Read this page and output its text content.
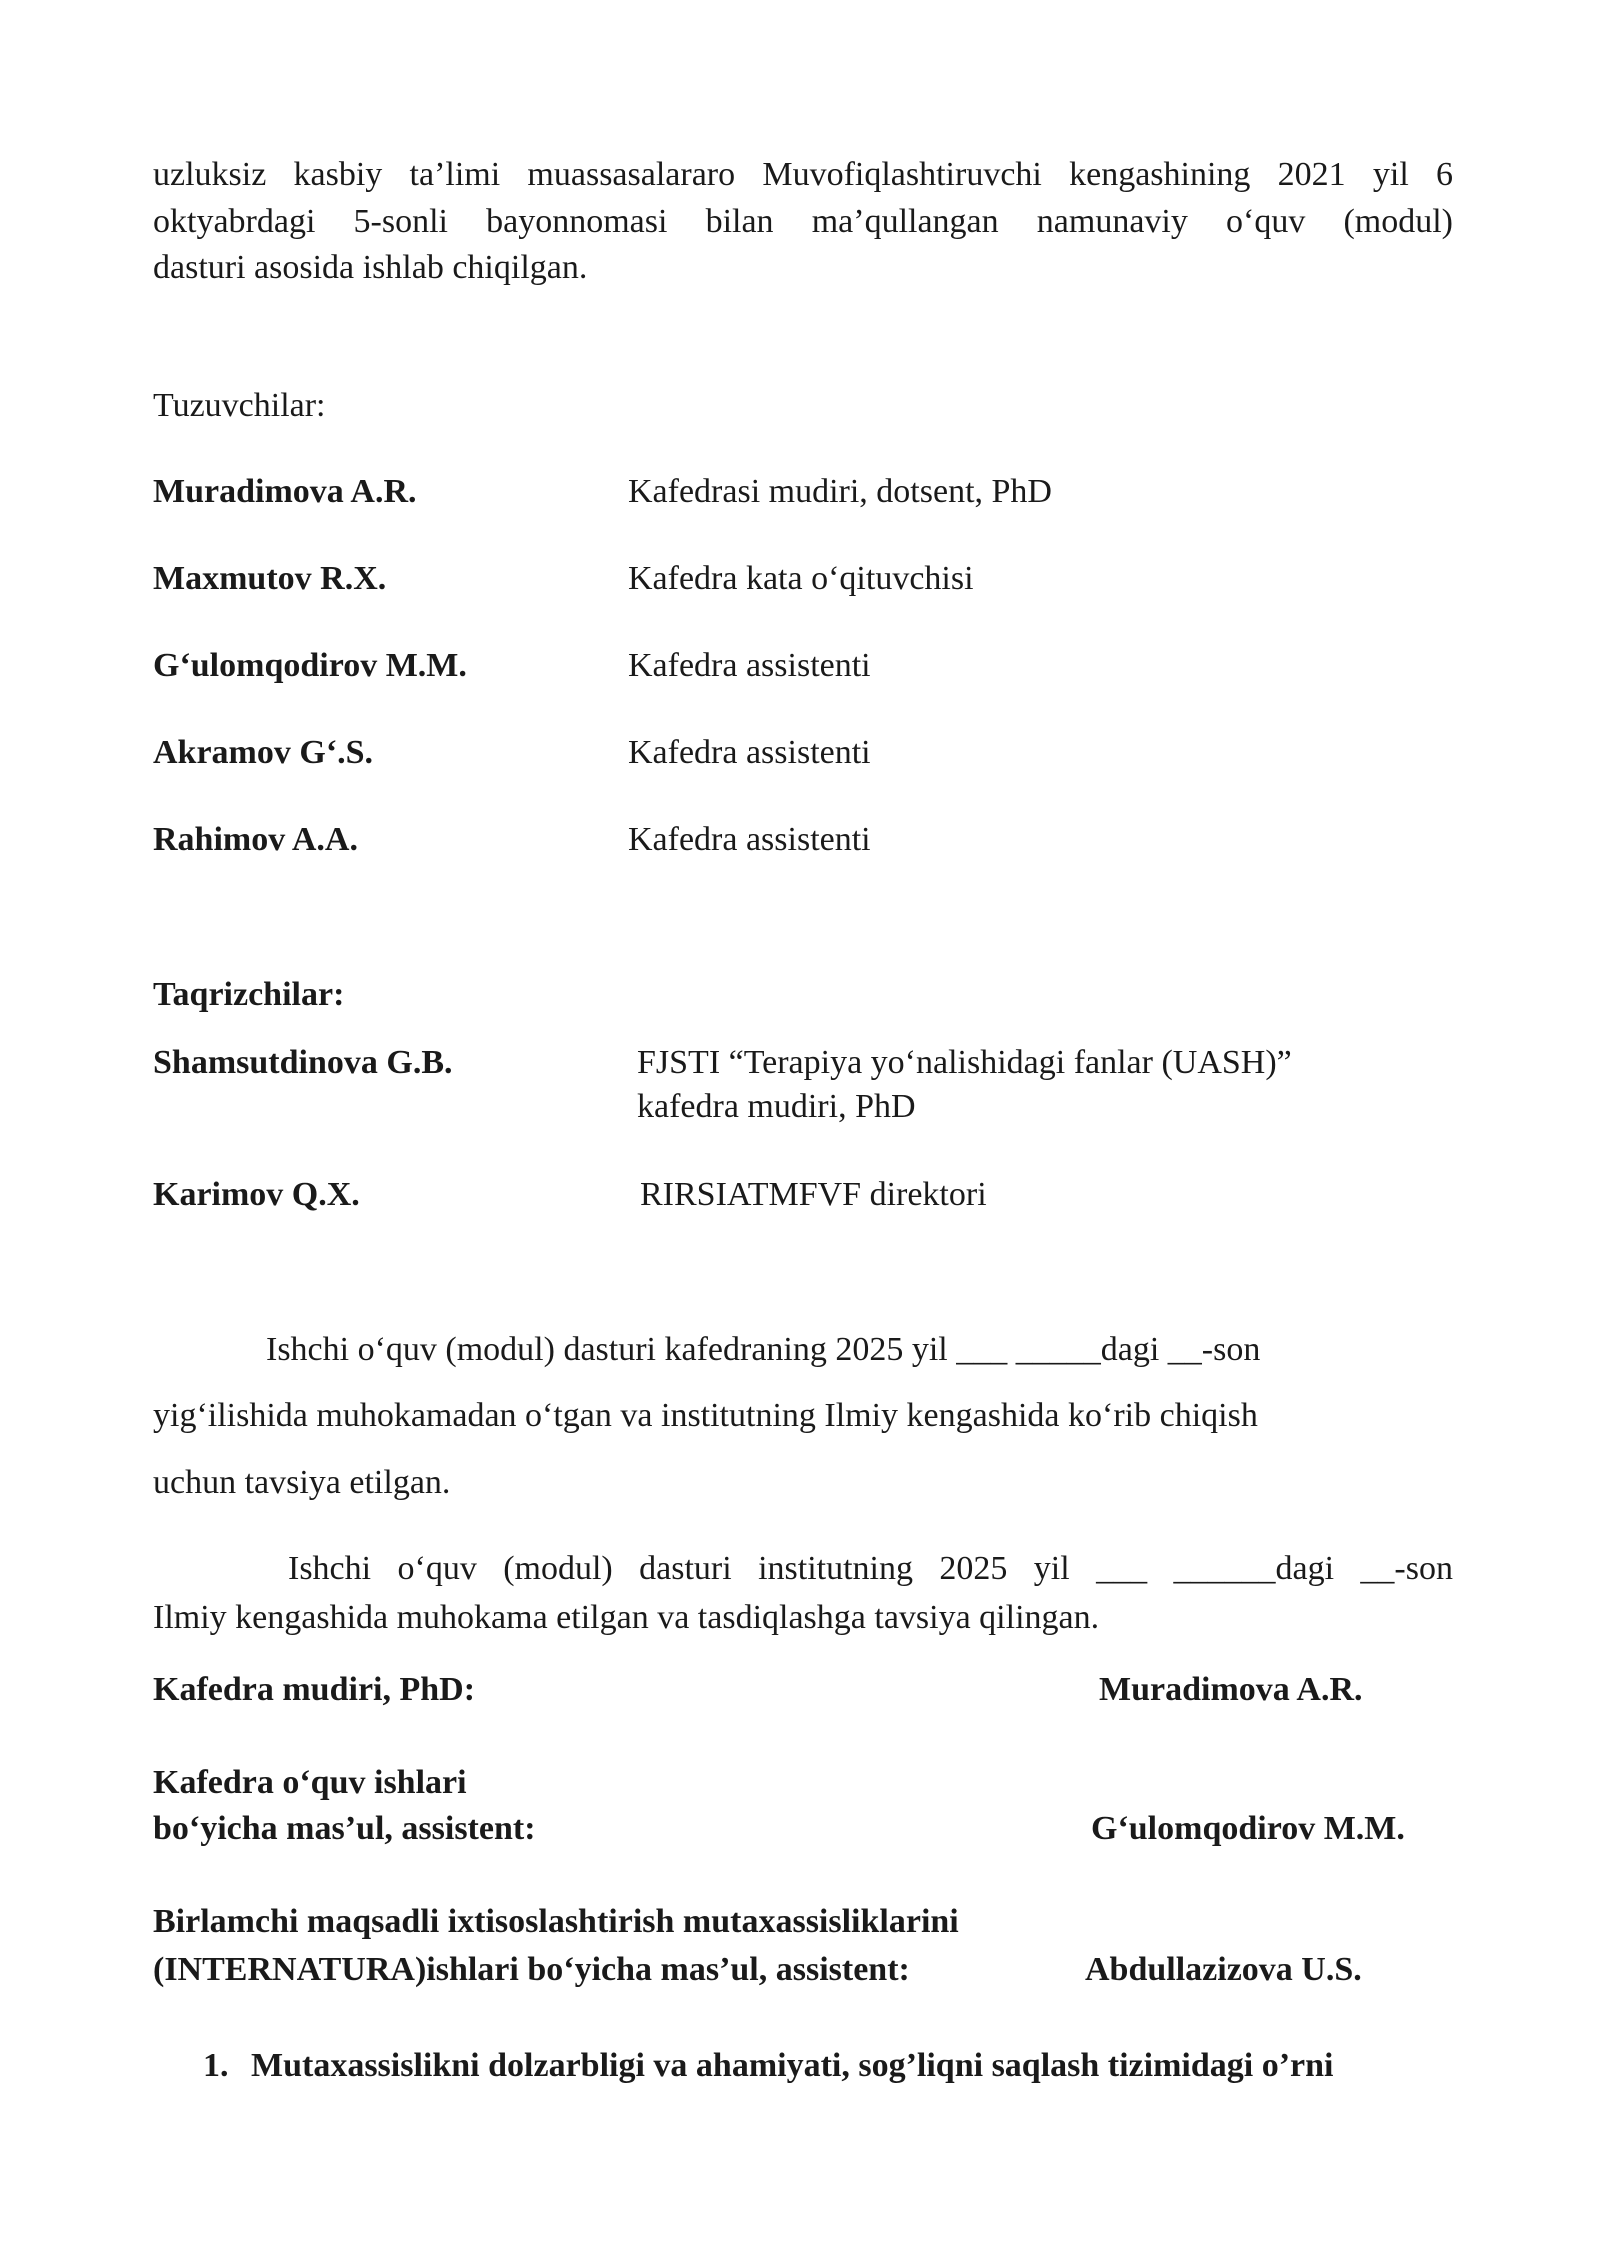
uzluksiz kasbiy ta’limi muassasalararo Muvofiqlashtiruvchi kengashining 2021 yil 6
oktyabrdagi 5-sonli bayonnomasi bilan ma’qullangan namunaviy o‘quv (modul)
dasturi asosida ishlab chiqilgan.
Tuzuvchilar:
Muradimova A.R.	Kafedrasi mudiri, dotsent, PhD
Maxmutov R.X.	Kafedra kata o‘qituvchisi
G‘ulomqodirov M.M.	Kafedra assistenti
Akramov G‘.S.	Kafedra assistenti
Rahimov A.A.	Kafedra assistenti
Taqrizchilar:
Shamsutdinova G.B.	FJSTI “Terapiya yo‘nalishidagi fanlar (UASH)”
kafedra mudiri, PhD
Karimov Q.X.	RIRSIATMFVF direktori
Ishchi o‘quv (modul) dasturi kafedraning 2025 yil ___ _____dagi __-son
yig‘ilishida muhokamadan o‘tgan va institutning Ilmiy kengashida ko‘rib chiqish
uchun tavsiya etilgan.
Ishchi o‘quv (modul) dasturi institutning 2025 yil ___ ______dagi __-son
Ilmiy kengashida muhokama etilgan va tasdiqlashga tavsiya qilingan.
Kafedra mudiri, PhD:	Muradimova A.R.
Kafedra o‘quv ishlari
bo‘yicha mas’ul, assistent:	G‘ulomqodirov M.M.
Birlamchi maqsadli ixtisoslashtirish mutaxassisliklarini
(INTERNATURA)ishlari bo‘yicha mas’ul, assistent:	Abdullazizova U.S.
1. Mutaxassislikni dolzarbligi va ahamiyati, sog’liqni saqlash tizimidagi o’rni
